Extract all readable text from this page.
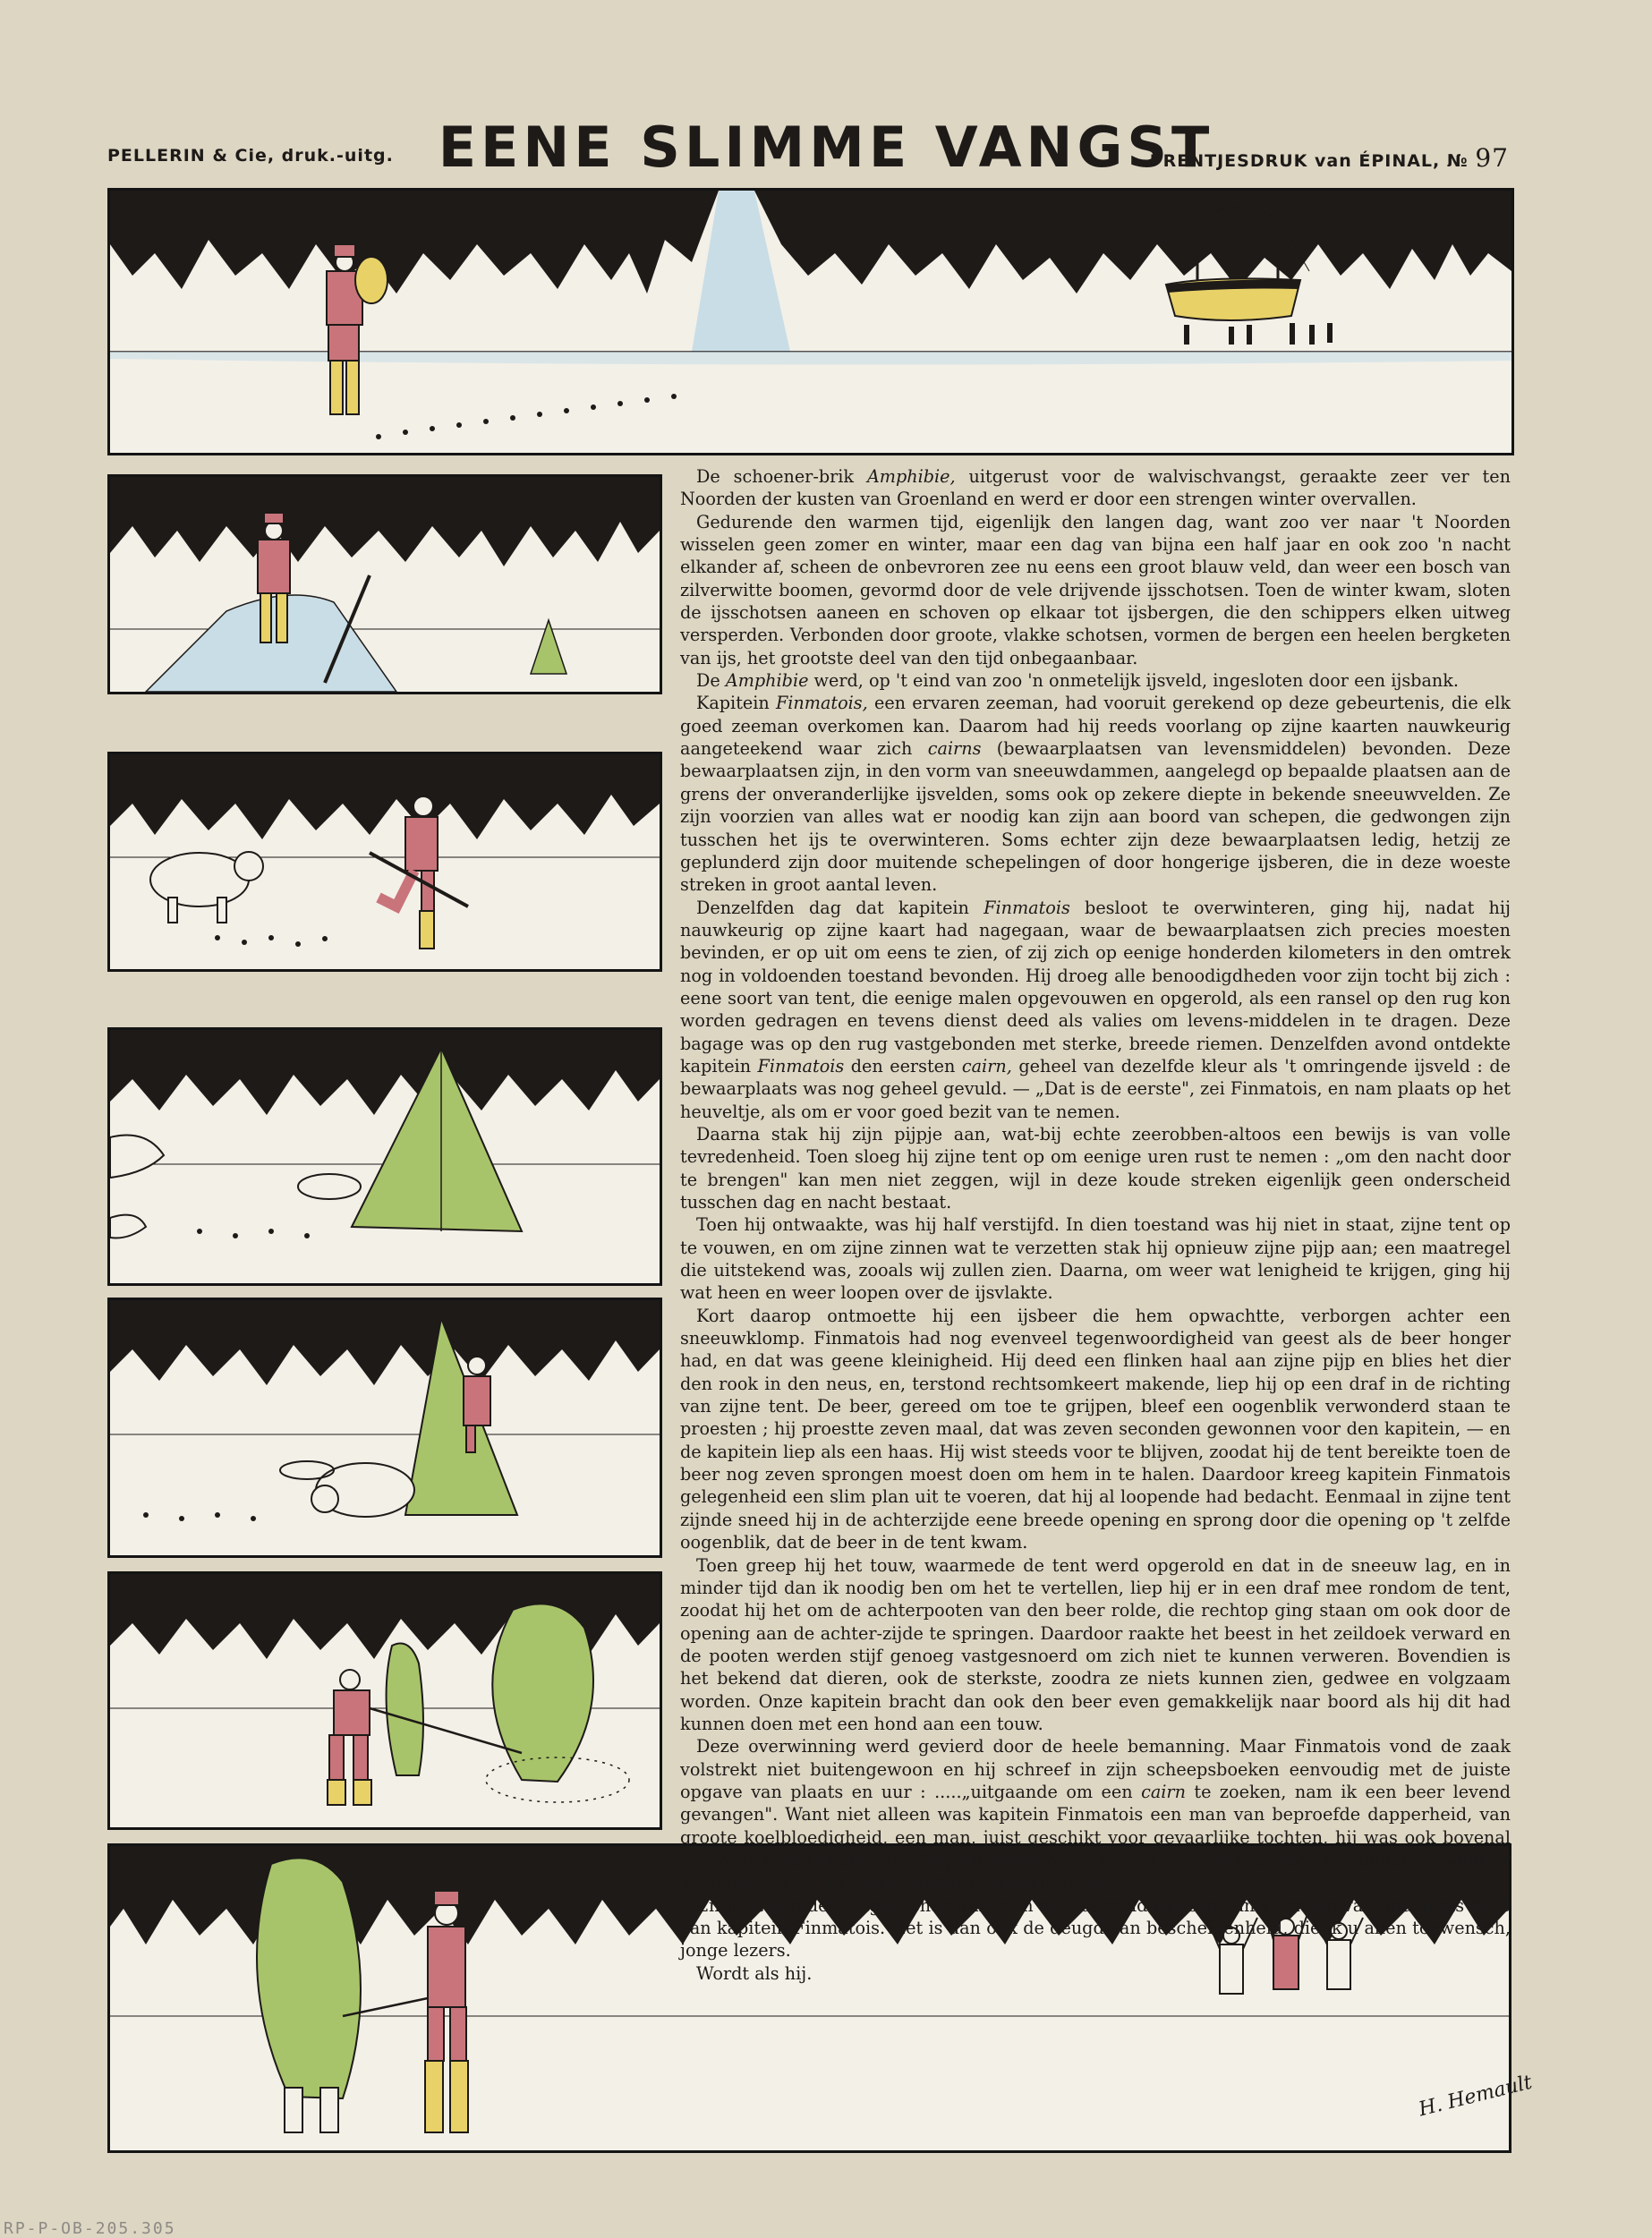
PELLERIN & Cie, druk.-uitg. EENE SLIMME VANGST
PRENTJESDRUK van ÉPINAL, № 97

De schoener-brik Amphibie, uitgerust voor de walvischvangst, geraakte zeer ver ten Noorden der kusten van Groenland en werd er door een strengen winter overvallen.

Gedurende den warmen tijd, eigenlijk den langen dag, want zoo ver naar 't Noorden wisselen geen zomer en winter, maar een dag van bijna een half jaar en ook zoo 'n nacht elkander af, scheen de onbevroren zee nu eens een groot blauw veld, dan weer een bosch van zilverwitte boomen, gevormd door de vele drijvende ijsschotsen. Toen de winter kwam, sloten de ijsschotsen aaneen en schoven op elkaar tot ijsbergen, die den schippers elken uitweg versperden. Verbonden door groote, vlakke schotsen, vormen de bergen een heelen bergketen van ijs, het grootste deel van den tijd onbegaanbaar.

De Amphibie werd, op 't eind van zoo 'n onmetelijk ijsveld, ingesloten door een ijsbank.

Kapitein Finmatois, een ervaren zeeman, had vooruit gerekend op deze gebeurtenis, die elk goed zeeman overkomen kan. Daarom had hij reeds voorlang op zijne kaarten nauwkeurig aangeteekend waar zich cairns (bewaarplaatsen van levensmiddelen) bevonden. Deze bewaarplaatsen zijn, in den vorm van sneeuwdammen, aangelegd op bepaalde plaatsen aan de grens der onveranderlijke ijsvelden, soms ook op zekere diepte in bekende sneeuwvelden. Ze zijn voorzien van alles wat er noodig kan zijn aan boord van schepen, die gedwongen zijn tusschen het ijs te overwinteren. Soms echter zijn deze bewaarplaatsen ledig, hetzij ze geplunderd zijn door muitende schepelingen of door hongerige ijsberen, die in deze woeste streken in groot aantal leven.

Denzelfden dag dat kapitein Finmatois besloot te overwinteren, ging hij, nadat hij nauwkeurig op zijne kaart had nagegaan, waar de bewaarplaatsen zich precies moesten bevinden, er op uit om eens te zien, of zij zich op eenige honderden kilometers in den omtrek nog in voldoenden toestand bevonden. Hij droeg alle benoodigdheden voor zijn tocht bij zich : eene soort van tent, die eenige malen opgevouwen en opgerold, als een ransel op den rug kon worden gedragen en tevens dienst deed als valies om levens-middelen in te dragen. Deze bagage was op den rug vastgebonden met sterke, breede riemen. Denzelfden avond ontdekte kapitein Finmatois den eersten cairn, geheel van dezelfde kleur als 't omringende ijsveld : de bewaarplaats was nog geheel gevuld. — „Dat is de eerste", zei Finmatois, en nam plaats op het heuveltje, als om er voor goed bezit van te nemen.

Daarna stak hij zijn pijpje aan, wat-bij echte zeerobben-altoos een bewijs is van volle tevredenheid. Toen sloeg hij zijne tent op om eenige uren rust te nemen : „om den nacht door te brengen" kan men niet zeggen, wijl in deze koude streken eigenlijk geen onderscheid tusschen dag en nacht bestaat.

Toen hij ontwaakte, was hij half verstijfd. In dien toestand was hij niet in staat, zijne tent op te vouwen, en om zijne zinnen wat te verzetten stak hij opnieuw zijne pijp aan; een maatregel die uitstekend was, zooals wij zullen zien. Daarna, om weer wat lenigheid te krijgen, ging hij wat heen en weer loopen over de ijsvlakte.

Kort daarop ontmoette hij een ijsbeer die hem opwachtte, verborgen achter een sneeuwklomp. Finmatois had nog evenveel tegenwoordigheid van geest als de beer honger had, en dat was geene kleinigheid. Hij deed een flinken haal aan zijne pijp en blies het dier den rook in den neus, en, terstond rechtsomkeert makende, liep hij op een draf in de richting van zijne tent. De beer, gereed om toe te grijpen, bleef een oogenblik verwonderd staan te proesten ; hij proestte zeven maal, dat was zeven seconden gewonnen voor den kapitein, — en de kapitein liep als een haas. Hij wist steeds voor te blijven, zoodat hij de tent bereikte toen de beer nog zeven sprongen moest doen om hem in te halen. Daardoor kreeg kapitein Finmatois gelegenheid een slim plan uit te voeren, dat hij al loopende had bedacht. Eenmaal in zijne tent zijnde sneed hij in de achterzijde eene breede opening en sprong door die opening op 't zelfde oogenblik, dat de beer in de tent kwam.

Toen greep hij het touw, waarmede de tent werd opgerold en dat in de sneeuw lag, en in minder tijd dan ik noodig ben om het te vertellen, liep hij er in een draf mee rondom de tent, zoodat hij het om de achterpooten van den beer rolde, die rechtop ging staan om ook door de opening aan de achter-zijde te springen. Daardoor raakte het beest in het zeildoek verward en de pooten werden stijf genoeg vastgesnoerd om zich niet te kunnen verweren. Bovendien is het bekend dat dieren, ook de sterkste, zoodra ze niets kunnen zien, gedwee en volgzaam worden. Onze kapitein bracht dan ook den beer even gemakkelijk naar boord als hij dit had kunnen doen met een hond aan een touw.

Deze overwinning werd gevierd door de heele bemanning. Maar Finmatois vond de zaak volstrekt niet buitengewoon en hij schreef in zijn scheepsboeken eenvoudig met de juiste opgave van plaats en uur : .....„uitgaande om een cairn te zoeken, nam ik een beer levend gevangen". Want niet alleen was kapitein Finmatois een man van beproefde dapperheid, van groote koelbloedigheid, een man, juist geschikt voor gevaarlijke tochten, hij was ook bovenal een heel bescheiden man. En juist daarom kunnen wij hem des te meer bewonderen, want er is geene ware verdienste zonder bescheidenheid.

En juist aan deze eigenschap kan men de waarheid toetsen van verhalen van daden als deze van kapitein Finmatois. Het is dan ook de deugd van bescheidenheid, die ik u allen toewensch, jonge lezers.

Wordt als hij.

H. Hemault
RP-P-OB-205.305
